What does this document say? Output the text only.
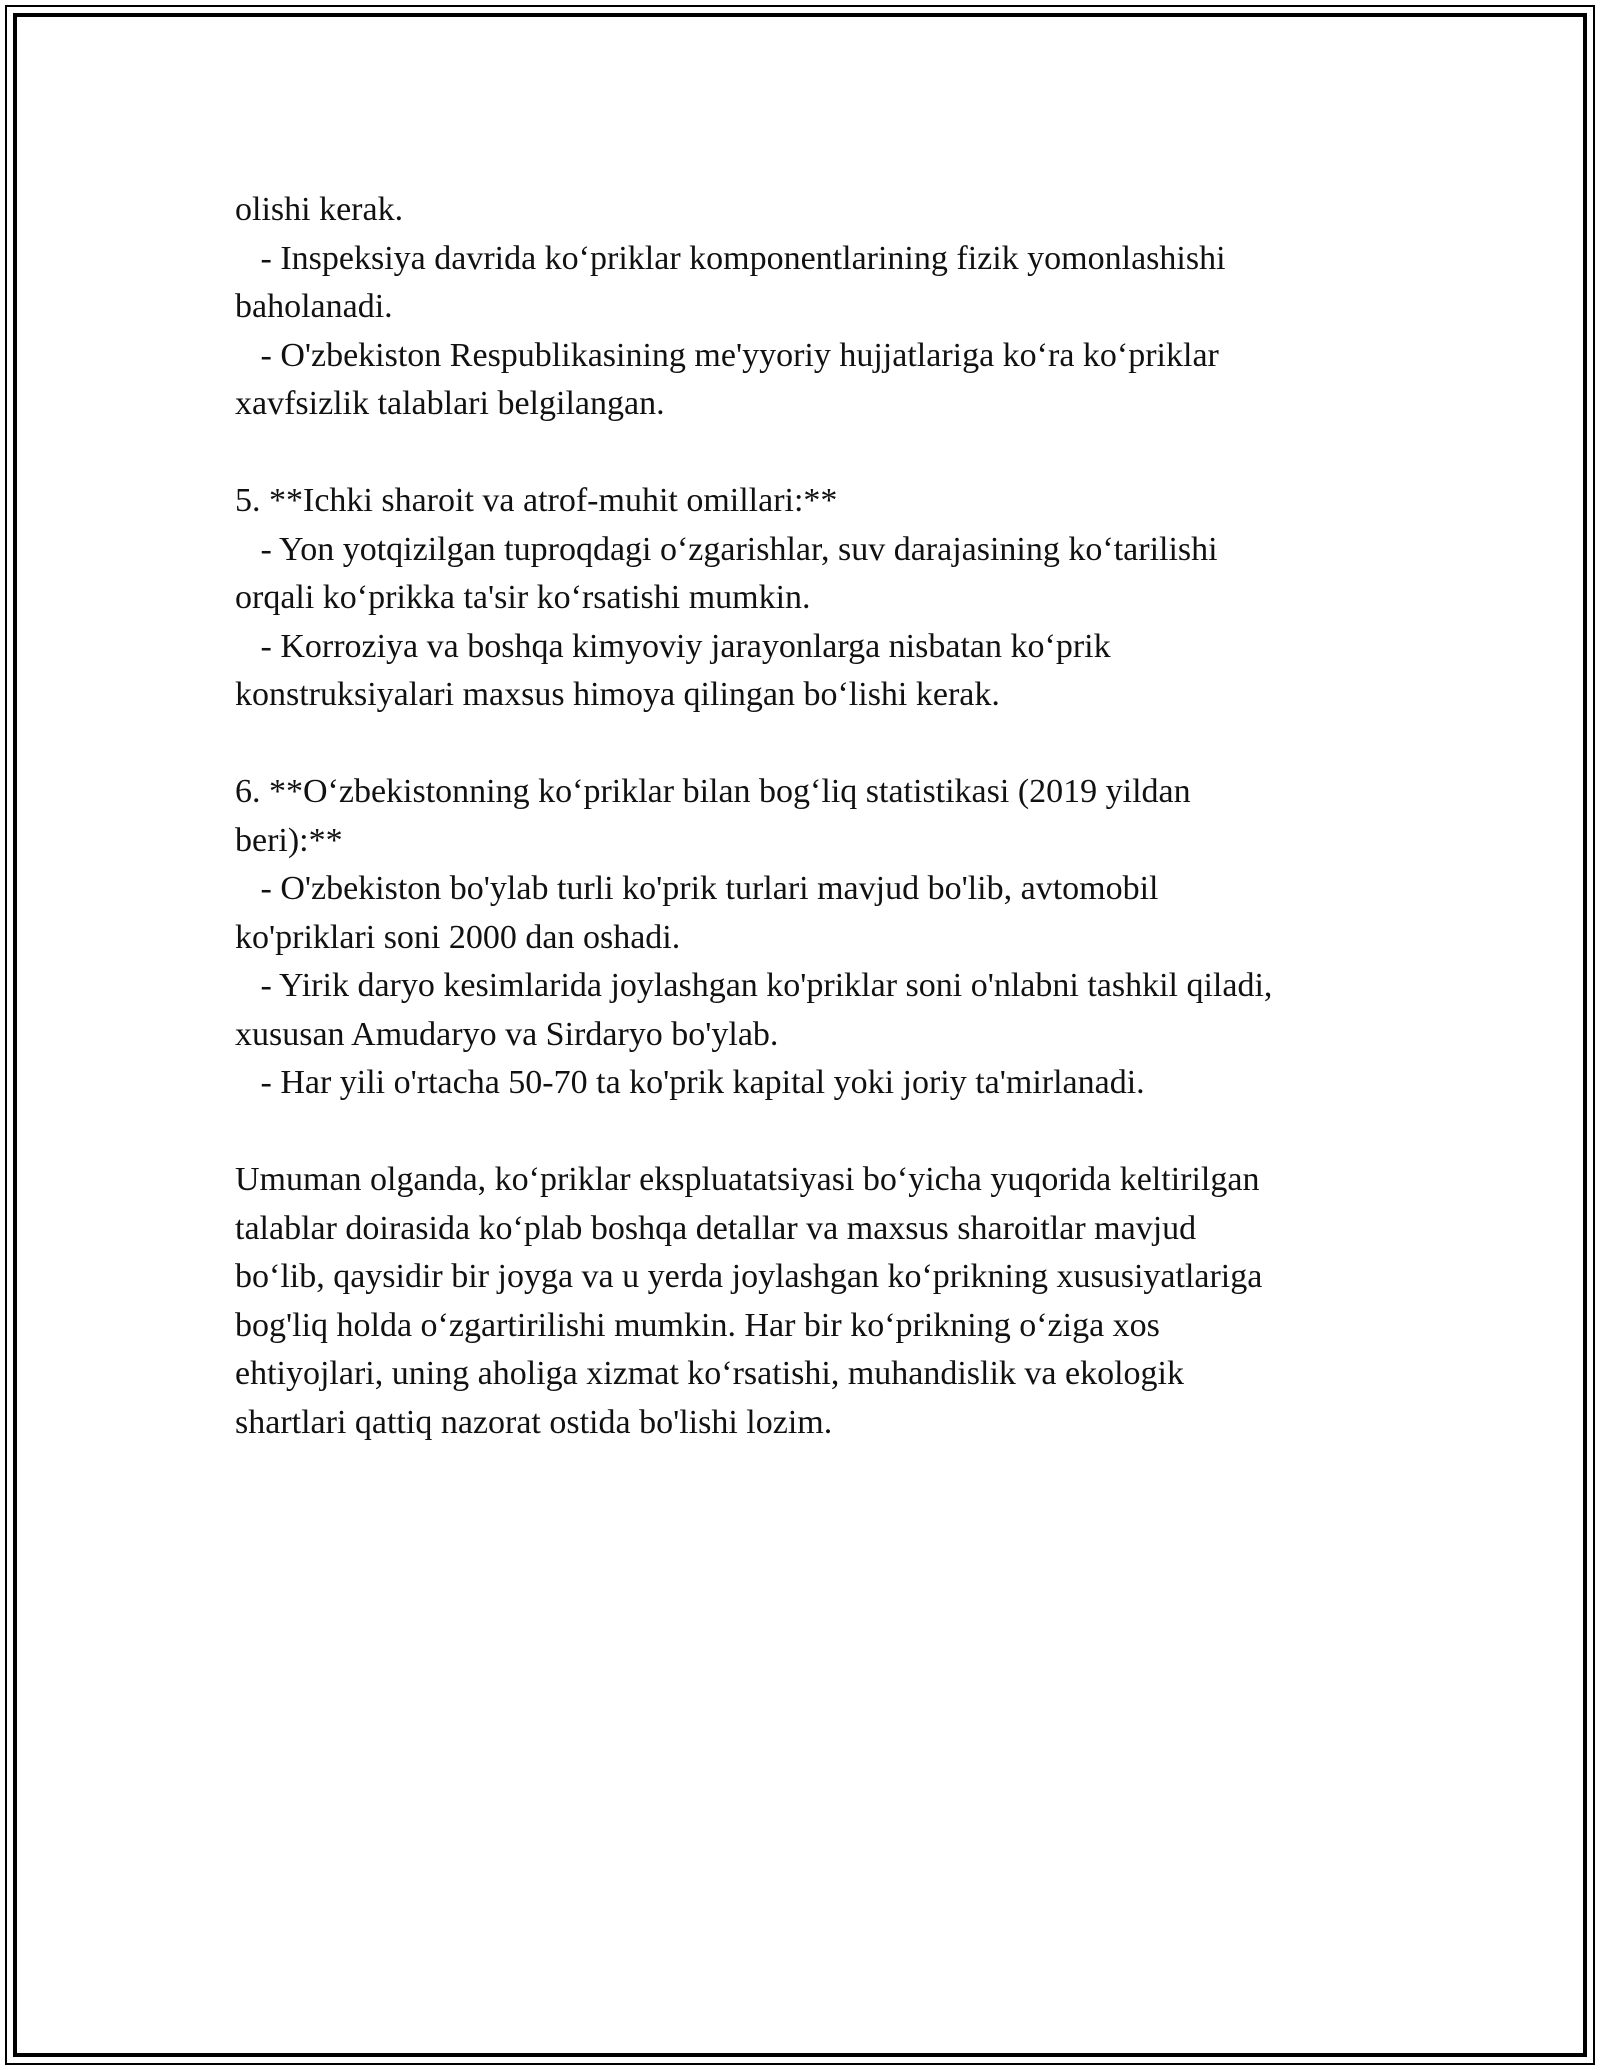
olishi kerak.
- Inspeksiya davrida ko‘priklar komponentlarining fizik yomonlashishi
baholanadi.
- O'zbekiston Respublikasining me'yyoriy hujjatlariga ko‘ra ko‘priklar
xavfsizlik talablari belgilangan.
5. **Ichki sharoit va atrof-muhit omillari:**
- Yon yotqizilgan tuproqdagi o‘zgarishlar, suv darajasining ko‘tarilishi
orqali ko‘prikka ta'sir ko‘rsatishi mumkin.
- Korroziya va boshqa kimyoviy jarayonlarga nisbatan ko‘prik
konstruksiyalari maxsus himoya qilingan bo‘lishi kerak.
6. **O‘zbekistonning ko‘priklar bilan bog‘liq statistikasi (2019 yildan
beri):**
- O'zbekiston bo'ylab turli ko'prik turlari mavjud bo'lib, avtomobil
ko'priklari soni 2000 dan oshadi.
- Yirik daryo kesimlarida joylashgan ko'priklar soni o'nlabni tashkil qiladi,
xususan Amudaryo va Sirdaryo bo'ylab.
- Har yili o'rtacha 50-70 ta ko'prik kapital yoki joriy ta'mirlanadi.
Umuman olganda, ko‘priklar ekspluatatsiyasi bo‘yicha yuqorida keltirilgan
talablar doirasida ko‘plab boshqa detallar va maxsus sharoitlar mavjud
bo‘lib, qaysidir bir joyga va u yerda joylashgan ko‘prikning xususiyatlariga
bog'liq holda o‘zgartirilishi mumkin. Har bir ko‘prikning o‘ziga xos
ehtiyojlari, uning aholiga xizmat ko‘rsatishi, muhandislik va ekologik
shartlari qattiq nazorat ostida bo'lishi lozim.
